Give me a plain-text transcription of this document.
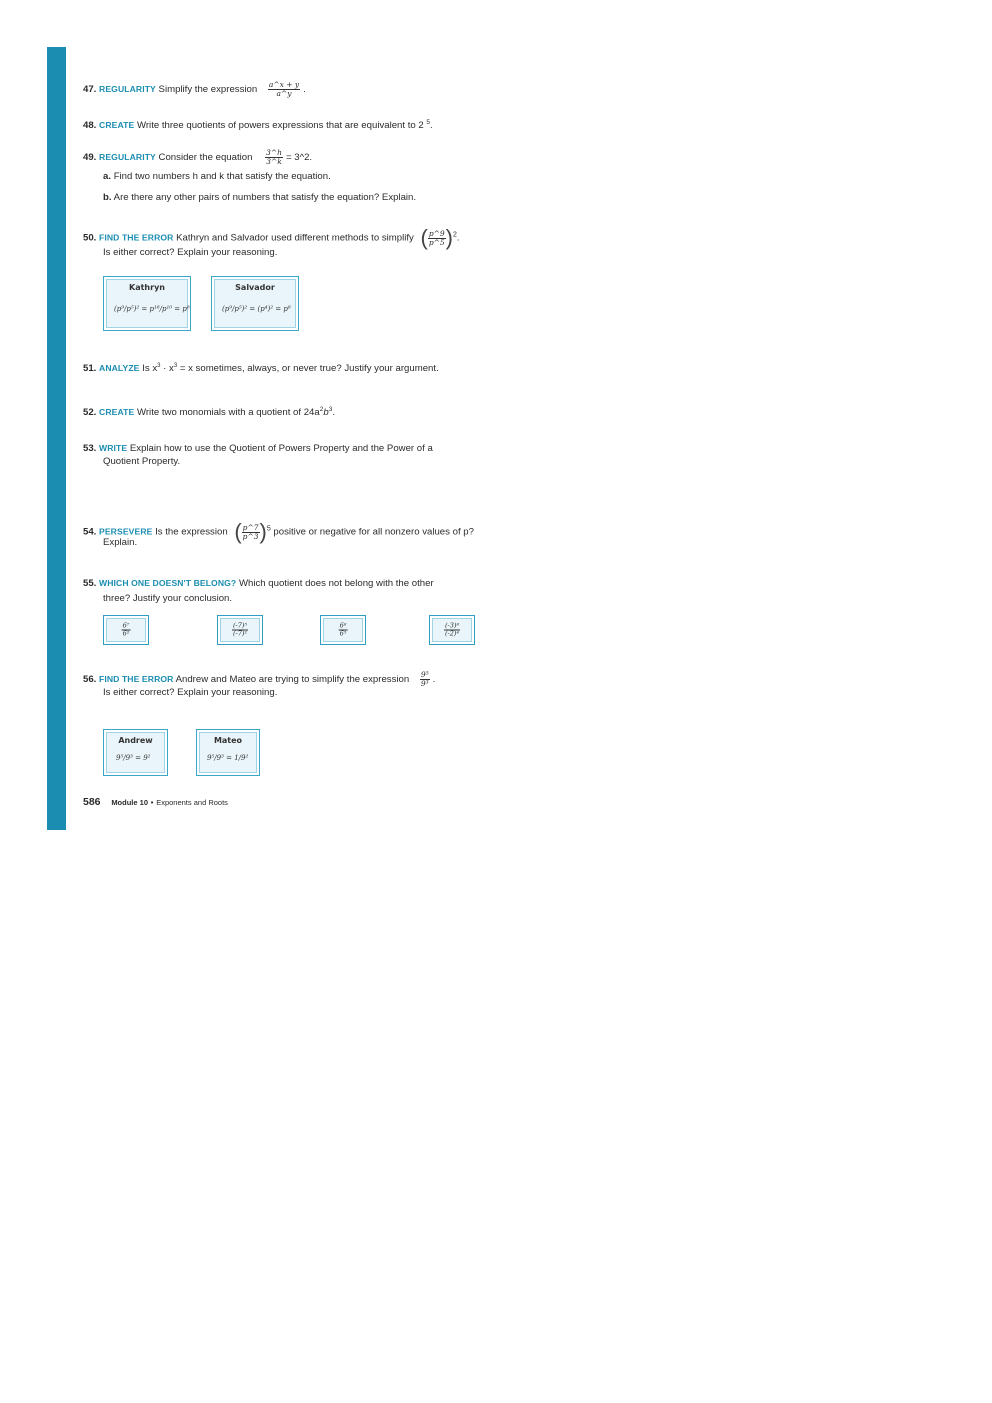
47. REGULARITY Simplify the expression $\frac{a\^{}x + y}{a\^{}y}$ .
48. CREATE Write three quotients of powers expressions that are equivalent to 2 $^5$.
49. REGULARITY Consider the equation $\frac{3\^{}h}{3\^{}k}$ = 3^2.
a. Find two numbers h and k that satisfy the equation.
b. Are there any other pairs of numbers that satisfy the equation? Explain.
50. FIND THE ERROR Kathryn and Salvador used different methods to simplify ( $\frac{p\^{}9}{p\^{}5} )^2$.
Is either correct? Explain your reasoning.
Kathryn
(p⁹/p⁵)² = p¹⁸/p¹⁰ = p⁸
Salvador
(p⁹/p⁵)² = (p⁴)² = p⁸
51. ANALYZE Is $x^3 \cdot x^3 = x$ sometimes, always, or never true? Justify your argument.
52. CREATE Write two monomials with a quotient of $24a^2b^3$.
53. WRITE Explain how to use the Quotient of Powers Property and the Power of a
Quotient Property.
54. PERSEVERE Is the expression ( $\frac{p\^{}7}{p\^{}3} )^5$ positive or negative for all nonzero values of p?
Explain.
55. WHICH ONE DOESN'T BELONG? Which quotient does not belong with the other
three? Justify your conclusion.
$\frac{\text{6⁷}}{\text{6²}}$	$\frac{\text{(-7)⁵}}{\text{(-7)²}}$	$\frac{\text{6⁸}}{\text{6⁵}}$	$\frac{\text{(-3)⁸}}{\text{(-2)⁴}}$
56. FIND THE ERROR Andrew and Mateo are trying to simplify the expression $\frac{\text{9⁵}}{\text{9³}}$ .
Is either correct? Explain your reasoning.
Andrew
9⁵/9³ = 9²
Mateo
9⁵/9³ = 1/9²
586 Module 10 • Exponents and Roots
